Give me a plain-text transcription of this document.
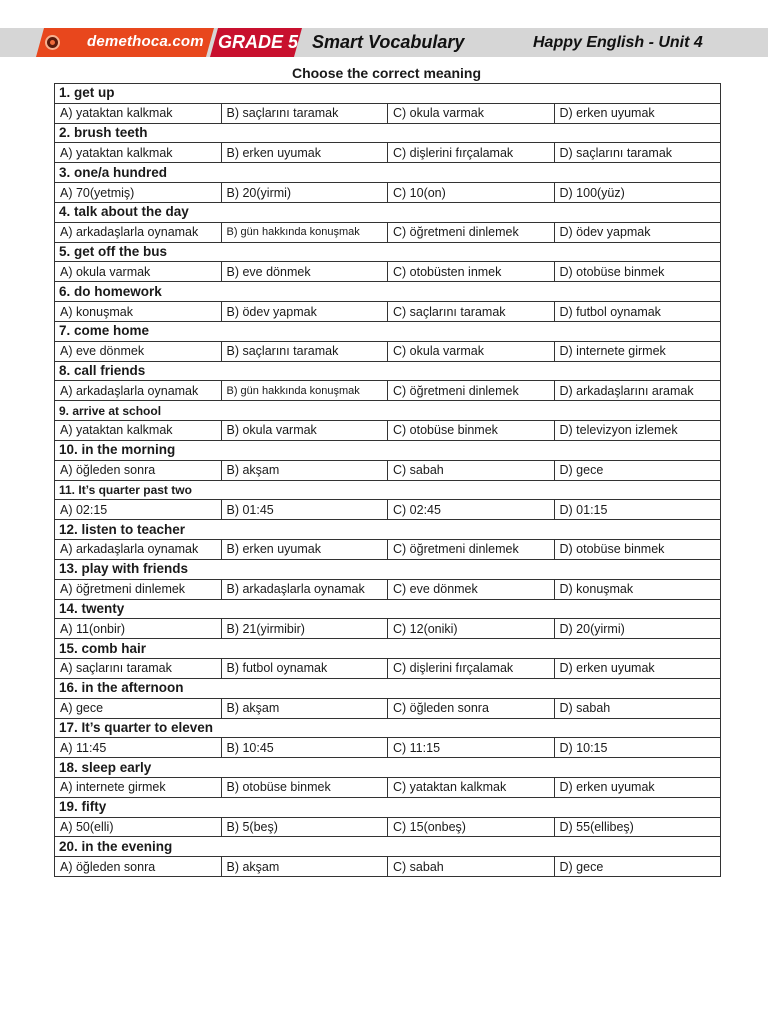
demethoca.com GRADE 5 Smart Vocabulary	Happy English - Unit 4
Choose the correct meaning
1. get up			
A) yataktan kalkmak	B) saçlarını taramak	C) okula varmak	D) erken uyumak
2. brush teeth			
A) yataktan kalkmak	B) erken uyumak	C) dişlerini fırçalamak	D) saçlarını taramak
3. one/a hundred			
A) 70(yetmiş)	B) 20(yirmi)	C) 10(on)	D) 100(yüz)
4. talk about the day			
A) arkadaşlarla oynamak	B) gün hakkında konuşmak	C) öğretmeni dinlemek	D) ödev yapmak
5. get off the bus			
A) okula varmak	B) eve dönmek	C) otobüsten inmek	D) otobüse binmek
6. do homework			
A) konuşmak	B) ödev yapmak	C) saçlarını taramak	D) futbol oynamak
7. come home			
A) eve dönmek	B) saçlarını taramak	C) okula varmak	D) internete girmek
8. call friends			
A) arkadaşlarla oynamak	B) gün hakkında konuşmak	C) öğretmeni dinlemek	D) arkadaşlarını aramak
9. arrive at school			
A) yataktan kalkmak	B) okula varmak	C) otobüse binmek	D) televizyon izlemek
10. in the morning			
A) öğleden sonra	B) akşam	C) sabah	D) gece
11. It’s quarter past two			
A) 02:15	B) 01:45	C) 02:45	D) 01:15
12. listen to teacher			
A) arkadaşlarla oynamak	B) erken uyumak	C) öğretmeni dinlemek	D) otobüse binmek
13. play with friends			
A) öğretmeni dinlemek	B) arkadaşlarla oynamak	C) eve dönmek	D) konuşmak
14. twenty			
A) 11(onbir)	B) 21(yirmibir)	C) 12(oniki)	D) 20(yirmi)
15. comb hair			
A) saçlarını taramak	B) futbol oynamak	C) dişlerini fırçalamak	D) erken uyumak
16. in the afternoon			
A) gece	B) akşam	C) öğleden sonra	D) sabah
17. It’s quarter to eleven			
A) 11:45	B) 10:45	C) 11:15	D) 10:15
18. sleep early			
A) internete girmek	B) otobüse binmek	C) yataktan kalkmak	D) erken uyumak
19. fifty			
A) 50(elli)	B) 5(beş)	C) 15(onbeş)	D) 55(ellibeş)
20. in the evening			
A) öğleden sonra	B) akşam	C) sabah	D) gece
